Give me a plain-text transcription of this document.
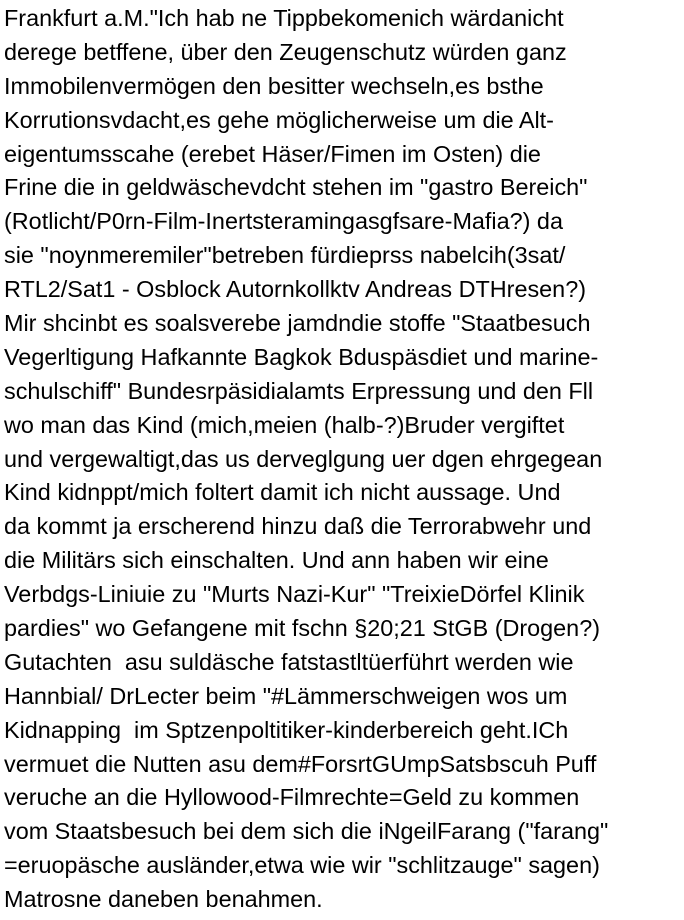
Frankfurt a.M."Ich hab ne Tippbekomenich wärdanicht
derege betffene, über den Zeugenschutz würden ganz
Immobilenvermögen den besitter wechseln,es bsthe
Korrutionsvdacht,es gehe möglicherweise um die Alt-
eigentumsscahe (erebet Häser/Fimen im Osten) die
Frine die in geldwäschevdcht stehen im "gastro Bereich"
(Rotlicht/P0rn-Film-Inertsteramingasgfsare-Mafia?) da
sie "noynmeremiler"betreben fürdieprss nabelcih(3sat/
RTL2/Sat1 - Osblock Autornkollktv Andreas DTHresen?)
Mir shcinbt es soalsverebe jamdndie stoffe "Staatbesuch
Vegerltigung Hafkannte Bagkok Bduspäsdiet und marine-
schulschiff" Bundesrpäsidialamts Erpressung und den Fll
wo man das Kind (mich,meien (halb-?)Bruder vergiftet
und vergewaltigt,das us derveglgung uer dgen ehrgegean
Kind kidnppt/mich foltert damit ich nicht aussage. Und
da kommt ja erscherend hinzu daß die Terrorabwehr und
die Militärs sich einschalten. Und ann haben wir eine
Verbdgs-Liniuie zu "Murts Nazi-Kur" "TreixieDörfel Klinik
pardies" wo Gefangene mit fschn §20;21 StGB (Drogen?)
Gutachten  asu suldäsche fatstastltüerführt werden wie
Hannbial/ DrLecter beim "#Lämmerschweigen wos um
Kidnapping  im Sptzenpoltitiker-kinderbereich geht.ICh
vermuet die Nutten asu dem#ForsrtGUmpSatsbscuh Puff
veruche an die Hyllowood-Filmrechte=Geld zu kommen
vom Staatsbesuch bei dem sich die iNgeilFarang ("farang"
=eruopäsche ausländer,etwa wie wir "schlitzauge" sagen)
Matrosne daneben benahmen.
